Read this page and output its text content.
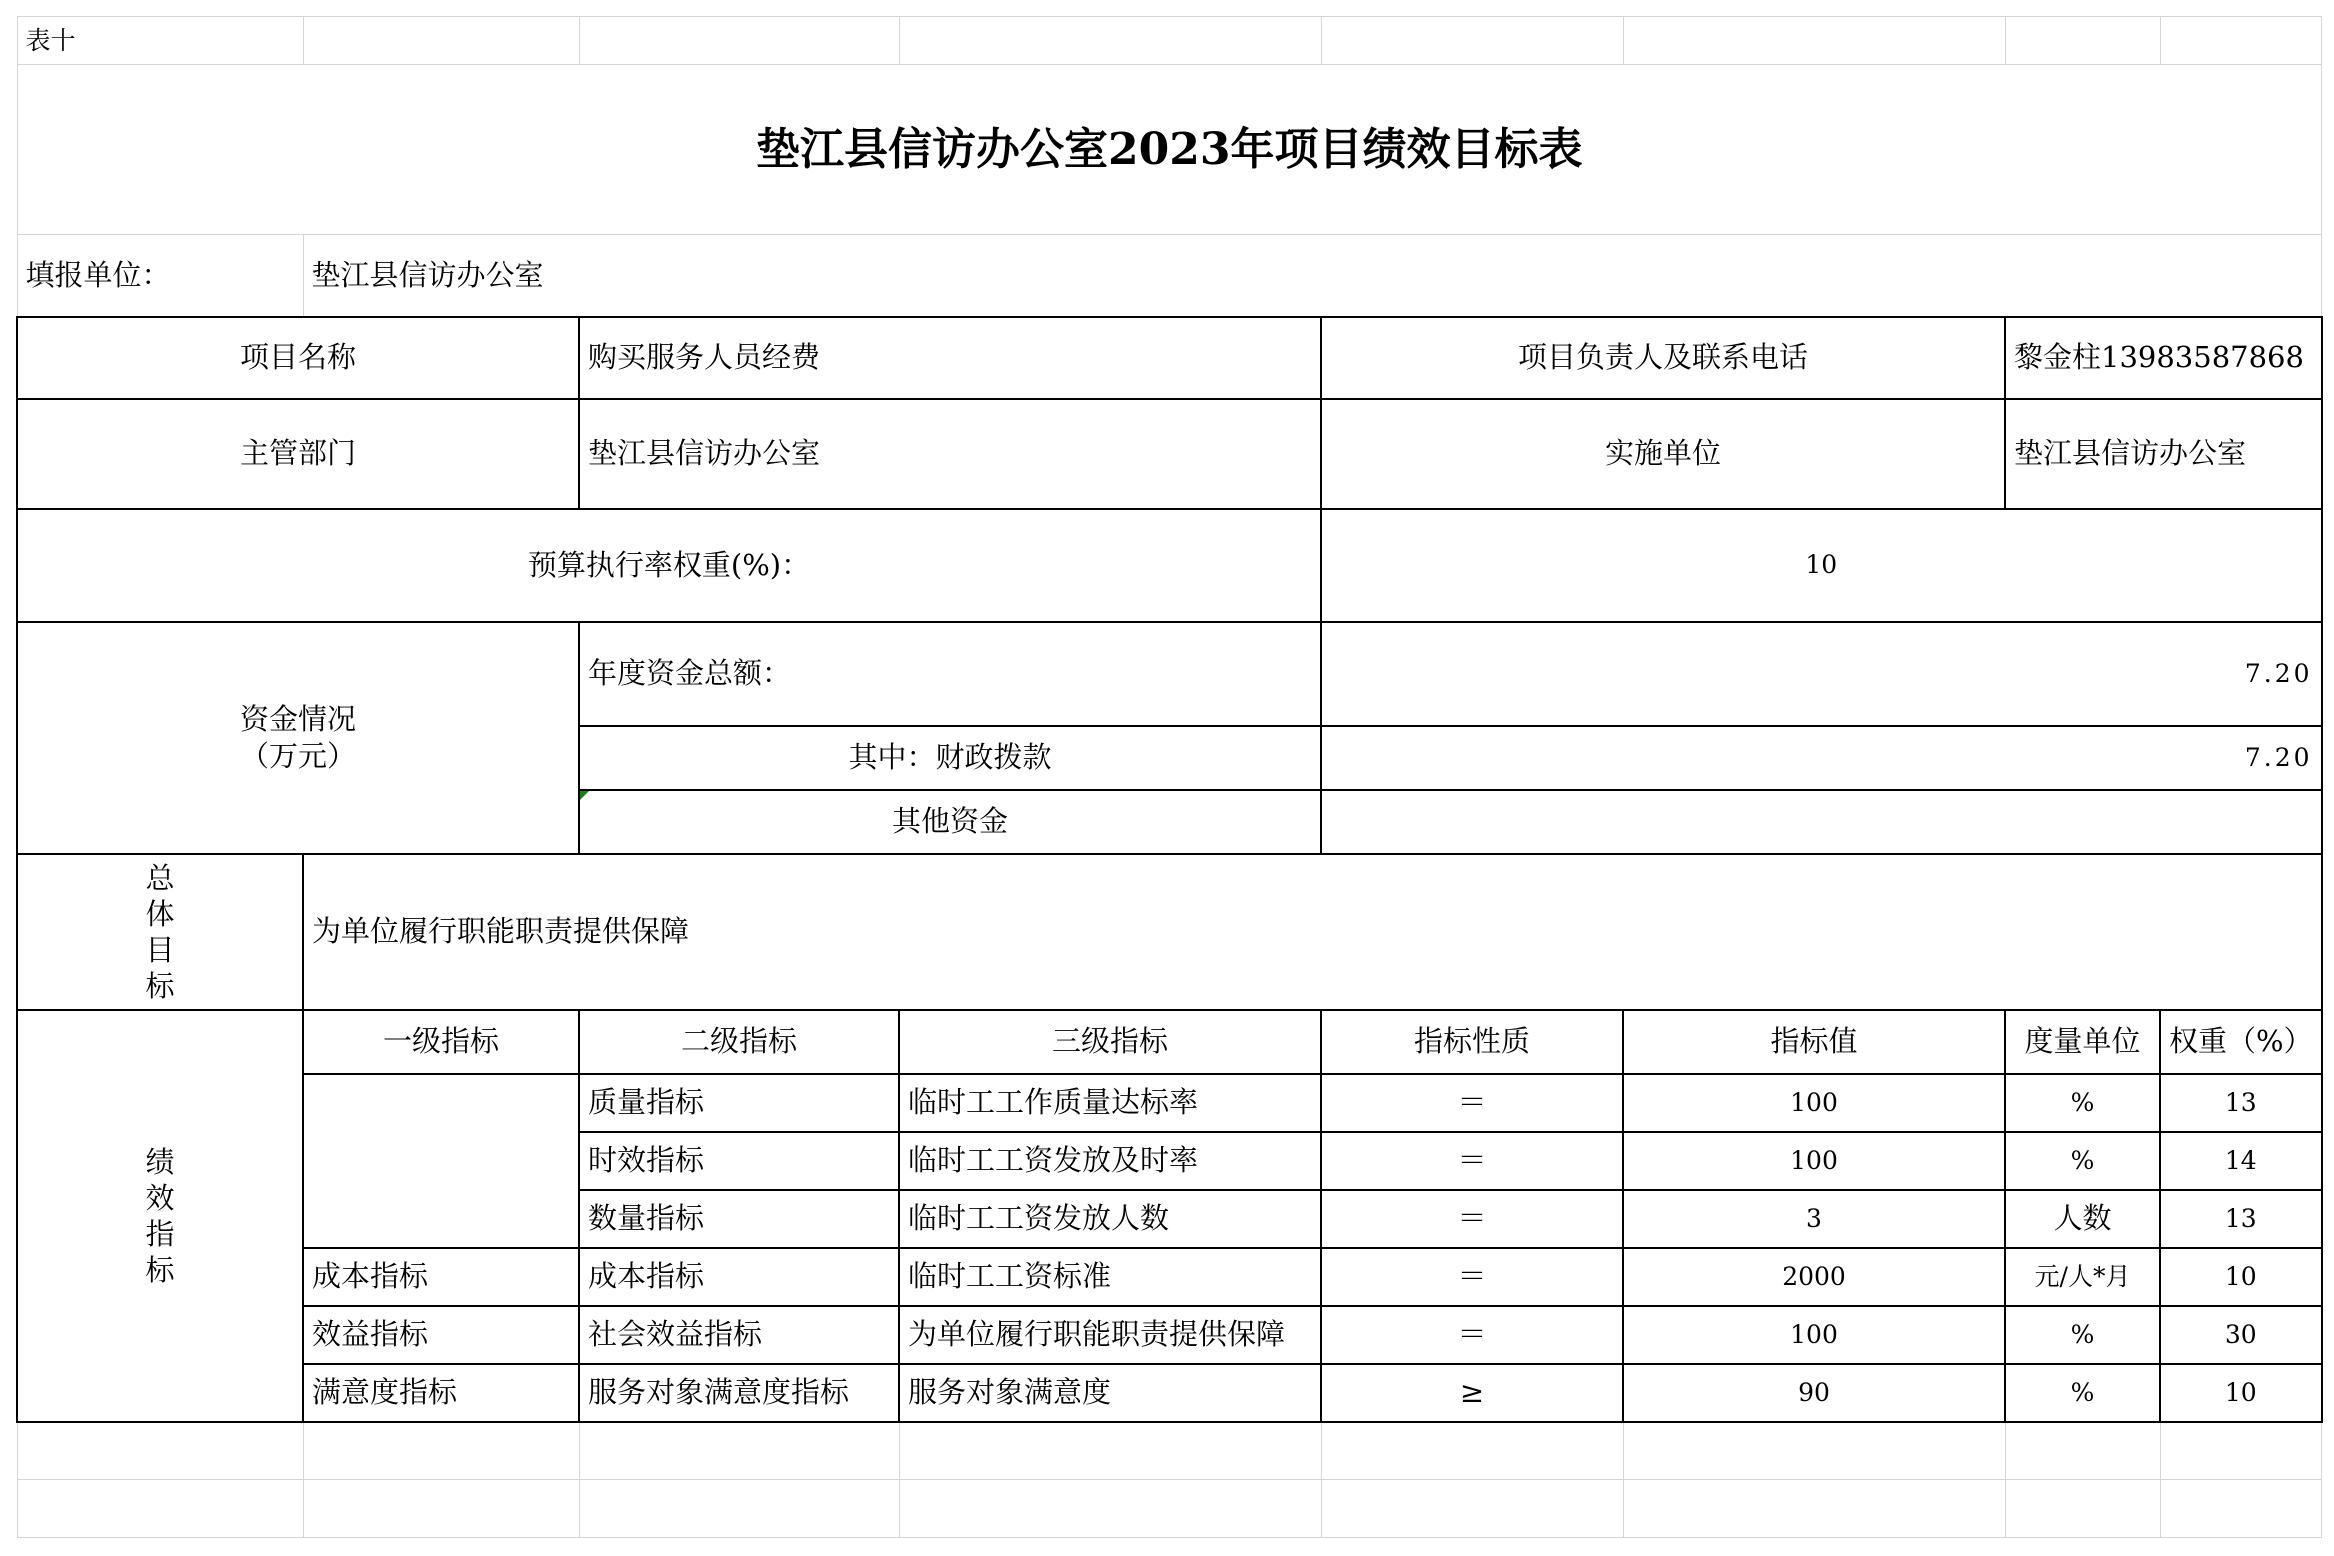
表十							
垫江县信访办公室2023年项目绩效目标表							
填报单位：	垫江县信访办公室						
项目名称		购买服务人员经费		项目负责人及联系电话		黎金柱13983587868	
主管部门		垫江县信访办公室		实施单位		垫江县信访办公室	
预算执行率权重(%)：				10			

资金情况
（万元）		年度资金总额：		7.20			
		其中：财政拨款		7.20			
		其他资金					

总
体
目
标	为单位履行职能职责提供保障						

绩
效
指
标	一级指标	二级指标	三级指标	指标性质	指标值	度量单位	权重（%）
		质量指标	临时工工作质量达标率	＝	100	%	13
		时效指标	临时工工资发放及时率	＝	100	%	14
		数量指标	临时工工资发放人数	＝	3	人数	13
	成本指标	成本指标	临时工工资标准	＝	2000	元/人*月	10
	效益指标	社会效益指标	为单位履行职能职责提供保障	＝	100	%	30
	满意度指标	服务对象满意度指标	服务对象满意度	≥	90	%	10
